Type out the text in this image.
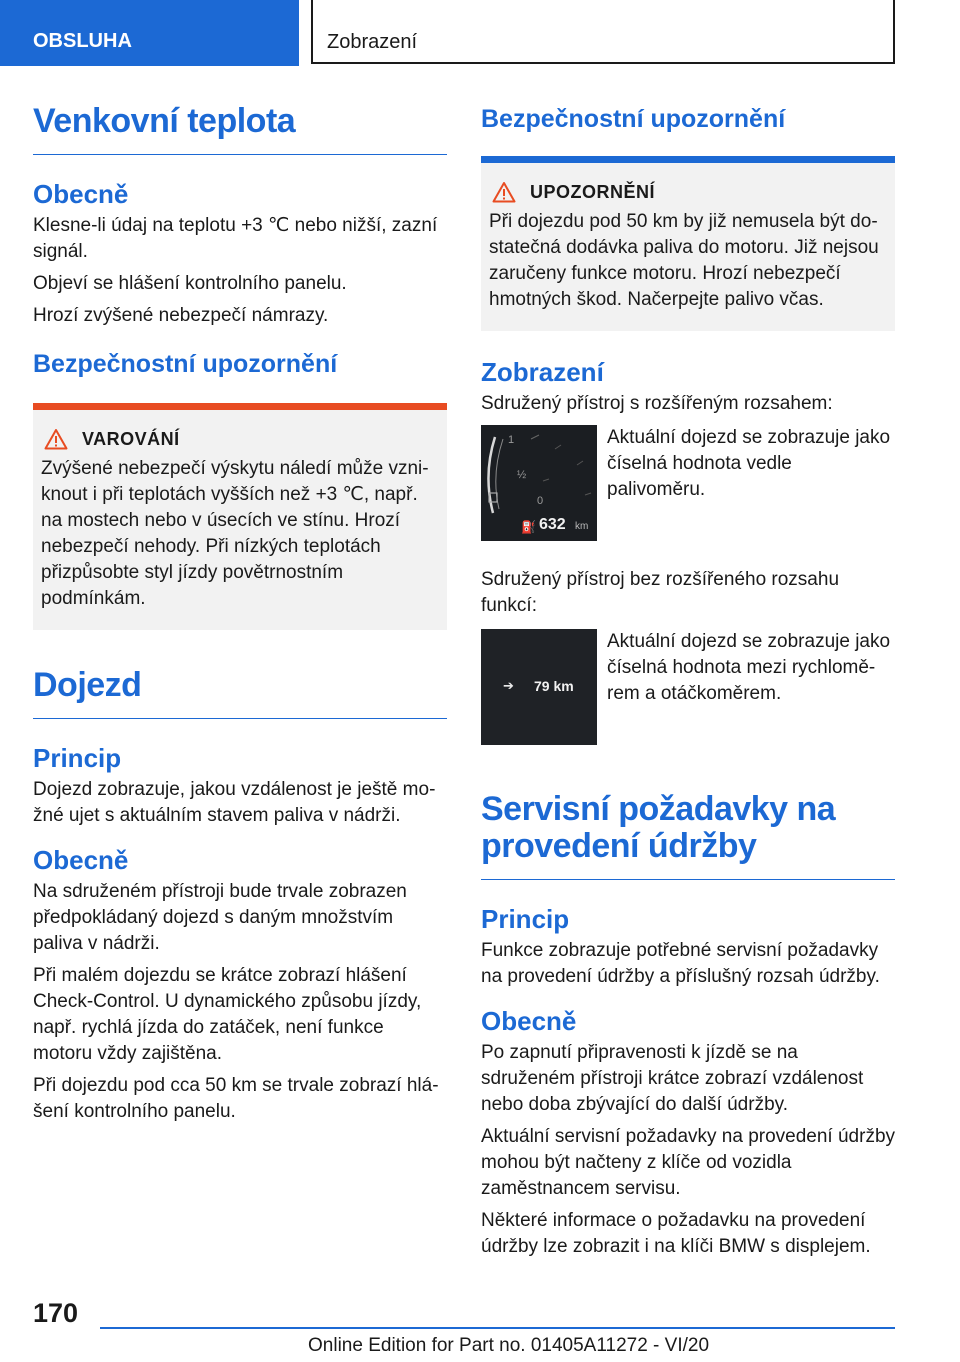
OBSLUHA	Zobrazení
Venkovní teplota
Obecně

Klesne-li údaj na teplotu +3 ℃ nebo nižší, zazní signál.

Objeví se hlášení kontrolního panelu.

Hrozí zvýšené nebezpečí námrazy.

Bezpečnostní upozornění
VAROVÁNÍ

Zvýšené nebezpečí výskytu náledí může vzniknout i při teplotách vyšších než +3 ℃, např. na mostech nebo v úsecích ve stínu. Hrozí nebezpečí nehody. Při nízkých teplotách přizpůsobte styl jízdy povětrnostním podmínkám.

Dojezd
Princip

Dojezd zobrazuje, jakou vzdálenost je ještě možné ujet s aktuálním stavem paliva v nádrži.

Obecně

Na sdruženém přístroji bude trvale zobrazen předpokládaný dojezd s daným množstvím paliva v nádrži.

Při malém dojezdu se krátce zobrazí hlášení Check-Control. U dynamického způsobu jízdy, např. rychlá jízda do zatáček, není funkce motoru vždy zajištěna.

Při dojezdu pod cca 50 km se trvale zobrazí hlášení kontrolního panelu.

Bezpečnostní upozornění
UPOZORNĚNÍ

Při dojezdu pod 50 km by již nemusela být dostatečná dodávka paliva do motoru. Již nejsou zaručeny funkce motoru. Hrozí nebezpečí hmotných škod. Načerpejte palivo včas.

Zobrazení

Sdružený přístroj s rozšířeným rozsahem:

1
½
0
⛽ 632 km

Aktuální dojezd se zobrazuje jako číselná hodnota vedle palivoměru.

Sdružený přístroj bez rozšířeného rozsahu funkcí:

➔ 79 km

Aktuální dojezd se zobrazuje jako číselná hodnota mezi rychloměrem a otáčkoměrem.

Servisní požadavky na provedení údržby
Princip

Funkce zobrazuje potřebné servisní požadavky na provedení údržby a příslušný rozsah údržby.

Obecně

Po zapnutí připravenosti k jízdě se na sdruženém přístroji krátce zobrazí vzdálenost nebo doba zbývající do další údržby.

Aktuální servisní požadavky na provedení údržby mohou být načteny z klíče od vozidla zaměstnancem servisu.

Některé informace o požadavku na provedení údržby lze zobrazit i na klíči BMW s displejem.

170
Online Edition for Part no. 01405A11272 - VI/20
